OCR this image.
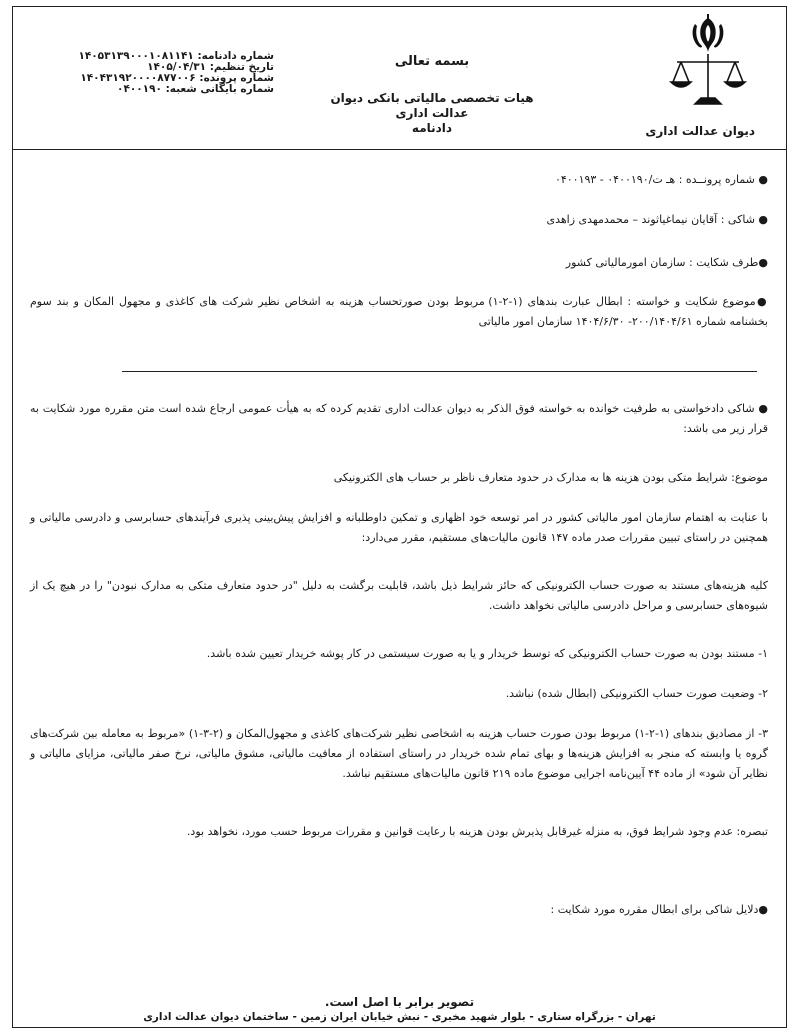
دیوان عدالت اداری
بسمه تعالی
هیات تخصصی مالیاتی بانکی دیوان عدالت اداری
دادنامه
شماره دادنامه: ۱۴۰۵۳۱۳۹۰۰۰۱۰۸۱۱۴۱
تاریخ تنظیم: ۱۴۰۵/۰۴/۳۱
شماره پرونده: ۱۴۰۴۳۱۹۲۰۰۰۰۸۷۷۰۰۶
شماره بایگانی شعبه: ۰۴۰۰۱۹۰
● شماره پرونــده : هـ ت/۰۴۰۰۱۹۰ - ۰۴۰۰۱۹۳
● شاکی : آقایان نیماغیاثوند – محمدمهدی زاهدی
●طرف شکایت : سازمان امورمالیاتی کشور
●موضوع شکایت و خواسته : ابطال عبارت بندهای (۱-۲-۱) مربوط بودن صورتحساب هزینه به اشخاص نظیر شرکت های کاغذی و مجهول المکان و بند سوم بخشنامه شماره ۲۰۰/۱۴۰۴/۶۱- ۱۴۰۴/۶/۳۰ سازمان امور مالیاتی
● شاکی دادخواستی به طرفیت خوانده به خواسته فوق الذکر به دیوان عدالت اداری تقدیم کرده که به هیأت عمومی ارجاع شده است متن مقرره مورد شکایت به قرار زیر می باشد:
موضوع: شرایط متکی بودن هزینه ها به مدارک در حدود متعارف ناظر بر حساب های الکترونیکی
با عنایت به اهتمام سازمان امور مالیاتی کشور در امر توسعه خود اظهاری و تمکین داوطلبانه و افزایش پیش‌بینی پذیری فرآیندهای حسابرسی و دادرسی مالیاتی و همچنین در راستای تبیین مقررات صدر ماده ۱۴۷ قانون مالیات‌های مستقیم، مقرر می‌دارد:
کلیه هزینه‌های مستند به صورت حساب الکترونیکی که حائز شرایط ذیل باشد، قابلیت برگشت به دلیل "در حدود متعارف متکی به مدارک نبودن" را در هیچ یک از شیوه‌های حسابرسی و مراحل دادرسی مالیاتی نخواهد داشت.
۱- مستند بودن به صورت حساب الکترونیکی که توسط خریدار و یا به صورت سیستمی در کار پوشه خریدار تعیین شده باشد.
۲- وضعیت صورت حساب الکترونیکی (ابطال شده) نباشد.
۳- از مصادیق بندهای (۱-۲-۱) مربوط بودن صورت حساب هزینه به اشخاصی نظیر شرکت‌های کاغذی و مجهول‌المکان و (۲-۳-۱) «مربوط به معامله بین شرکت‌های گروه یا وابسته که منجر به افزایش هزینه‌ها و بهای تمام شده خریدار در راستای استفاده از معافیت مالیاتی، مشوق مالیاتی، نرخ صفر مالیاتی، مزایای مالیاتی و نظایر آن شود» از ماده ۴۴ آیین‌نامه اجرایی موضوع ماده ۲۱۹ قانون مالیات‌های مستقیم نباشد.
تبصره: عدم وجود شرایط فوق، به منزله غیرقابل پذیرش بودن هزینه با رعایت قوانین و مقررات مربوط حسب مورد، نخواهد بود.
●دلایل شاکی برای ابطال مقرره مورد شکایت :
تصویر برابر با اصل است.
تهران - بزرگراه ستاری - بلوار شهید مخبری - نبش خیابان ایران زمین - ساختمان دیوان عدالت اداری
